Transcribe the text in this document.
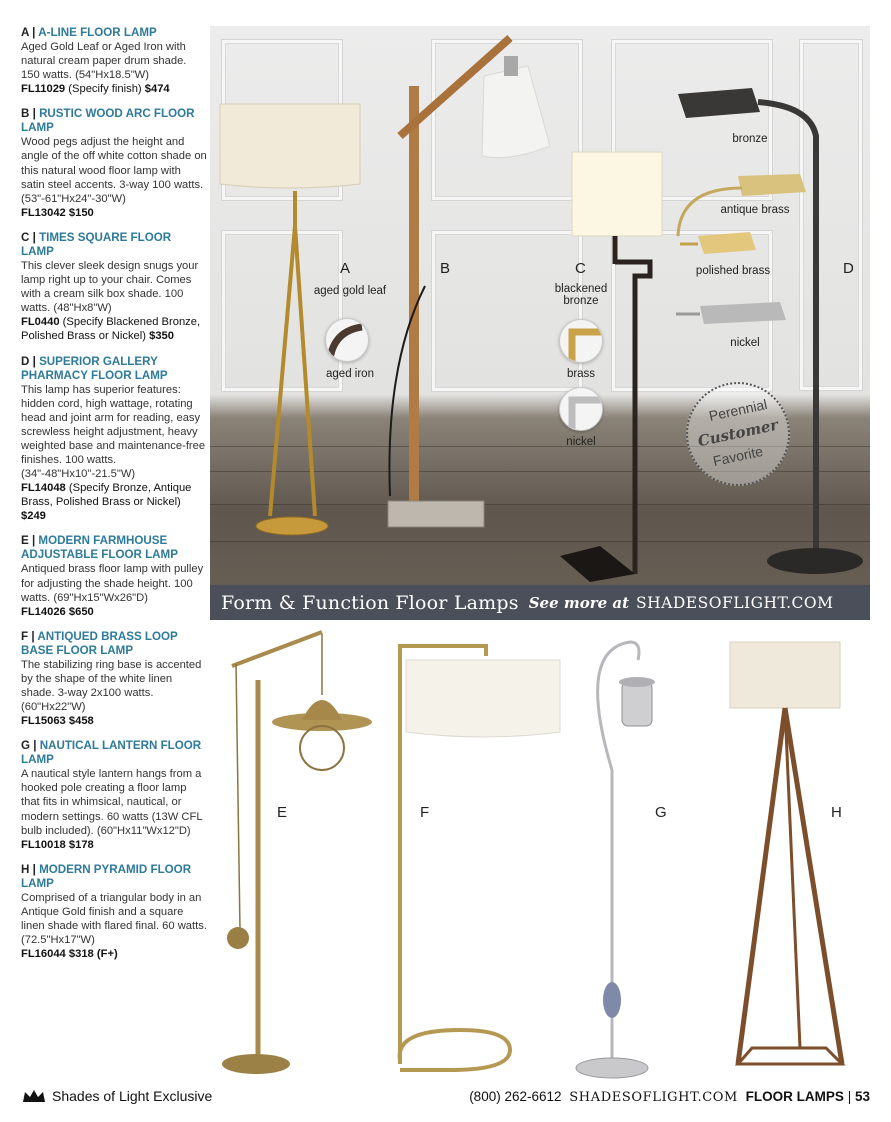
A | A-LINE FLOOR LAMP
Aged Gold Leaf or Aged Iron with natural cream paper drum shade. 150 watts. (54"Hx18.5"W)
FL11029 (Specify finish) $474
B | RUSTIC WOOD ARC FLOOR LAMP
Wood pegs adjust the height and angle of the off white cotton shade on this natural wood floor lamp with satin steel accents. 3-way 100 watts. (53"-61"Hx24"-30"W)
FL13042 $150
C | TIMES SQUARE FLOOR LAMP
This clever sleek design snugs your lamp right up to your chair. Comes with a cream silk box shade. 100 watts. (48"Hx8"W)
FL0440 (Specify Blackened Bronze, Polished Brass or Nickel) $350
D | SUPERIOR GALLERY PHARMACY FLOOR LAMP
This lamp has superior features: hidden cord, high wattage, rotating head and joint arm for reading, easy screwless height adjustment, heavy weighted base and maintenance-free finishes. 100 watts. (34"-48"Hx10"-21.5"W)
FL14048 (Specify Bronze, Antique Brass, Polished Brass or Nickel) $249
E | MODERN FARMHOUSE ADJUSTABLE FLOOR LAMP
Antiqued brass floor lamp with pulley for adjusting the shade height. 100 watts. (69"Hx15"Wx26"D)
FL14026 $650
F | ANTIQUED BRASS LOOP BASE FLOOR LAMP
The stabilizing ring base is accented by the shape of the white linen shade. 3-way 2x100 watts. (60"Hx22"W)
FL15063 $458
G | NAUTICAL LANTERN FLOOR LAMP
A nautical style lantern hangs from a hooked pole creating a floor lamp that fits in whimsical, nautical, or modern settings. 60 watts (13W CFL bulb included). (60"Hx11"Wx12"D)
FL10018 $178
H | MODERN PYRAMID FLOOR LAMP
Comprised of a triangular body in an Antique Gold finish and a square linen shade with flared final. 60 watts. (72.5"Hx17"W)
FL16044 $318 (F+)
A	B	C	D
aged gold leaf
aged iron
blackened bronze
brass
nickel
bronze
antique brass
polished brass
nickel
Perennial
Customer
Favorite
Form & Function Floor Lamps See more at SHADESOFLIGHT.COM
E	F	G	H
Shades of Light Exclusive	(800) 262-6612 SHADESOFLIGHT.COM FLOOR LAMPS | 53
